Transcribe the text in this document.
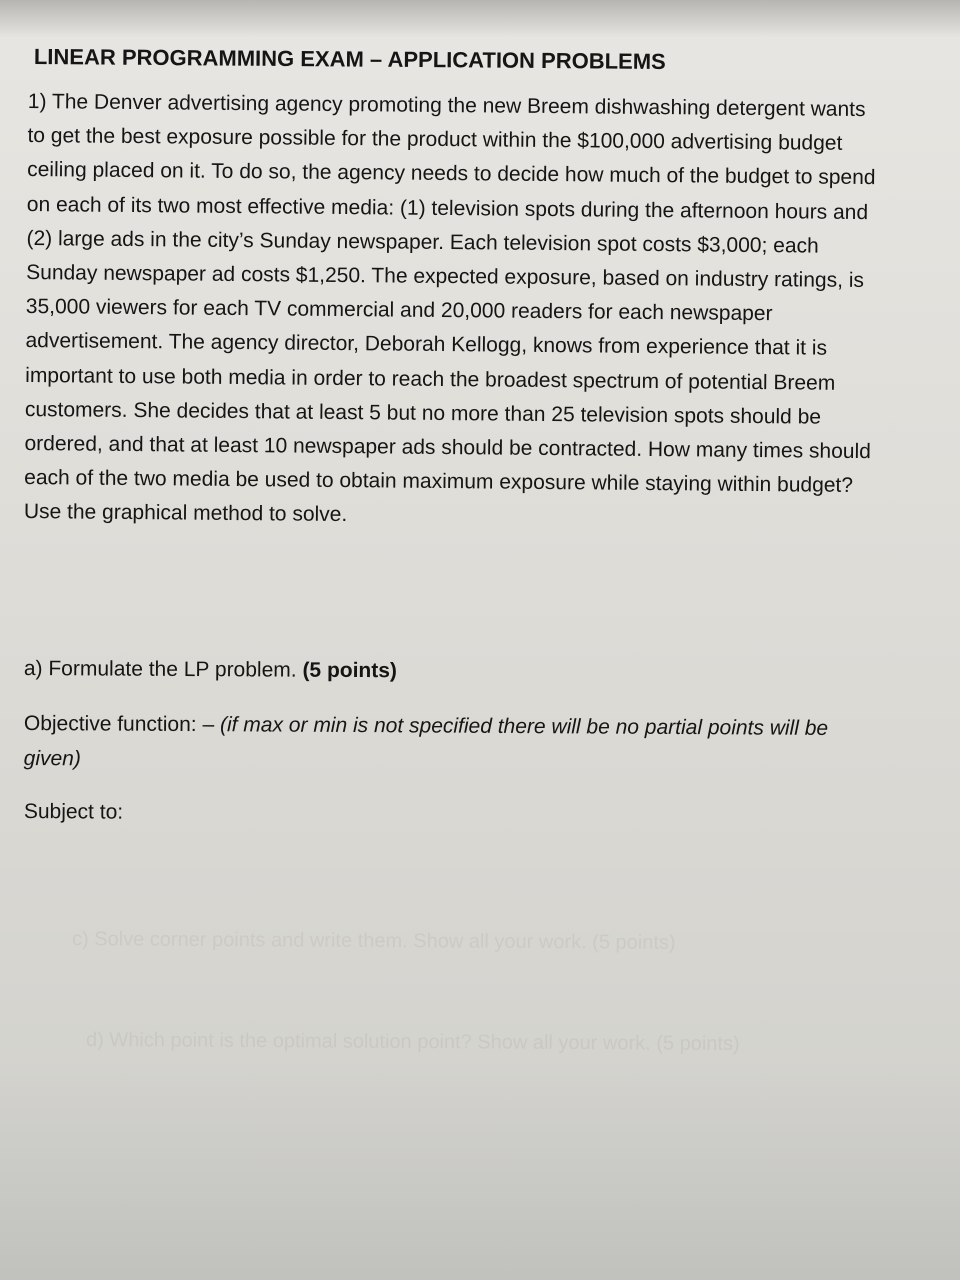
LINEAR PROGRAMMING EXAM – APPLICATION PROBLEMS

1) The Denver advertising agency promoting the new Breem dishwashing detergent wants to get the best exposure possible for the product within the $100,000 advertising budget ceiling placed on it. To do so, the agency needs to decide how much of the budget to spend on each of its two most effective media: (1) television spots during the afternoon hours and (2) large ads in the city’s Sunday newspaper. Each television spot costs $3,000; each Sunday newspaper ad costs $1,250. The expected exposure, based on industry ratings, is 35,000 viewers for each TV commercial and 20,000 readers for each newspaper advertisement. The agency director, Deborah Kellogg, knows from experience that it is important to use both media in order to reach the broadest spectrum of potential Breem customers. She decides that at least 5 but no more than 25 television spots should be ordered, and that at least 10 newspaper ads should be contracted. How many times should each of the two media be used to obtain maximum exposure while staying within budget? Use the graphical method to solve.

a) Formulate the LP problem. (5 points)
Objective function: – (if max or min is not specified there will be no partial points will be given)
Subject to:
c) Solve corner points and write them. Show all your work. (5 points)
d) Which point is the optimal solution point? Show all your work. (5 points)
